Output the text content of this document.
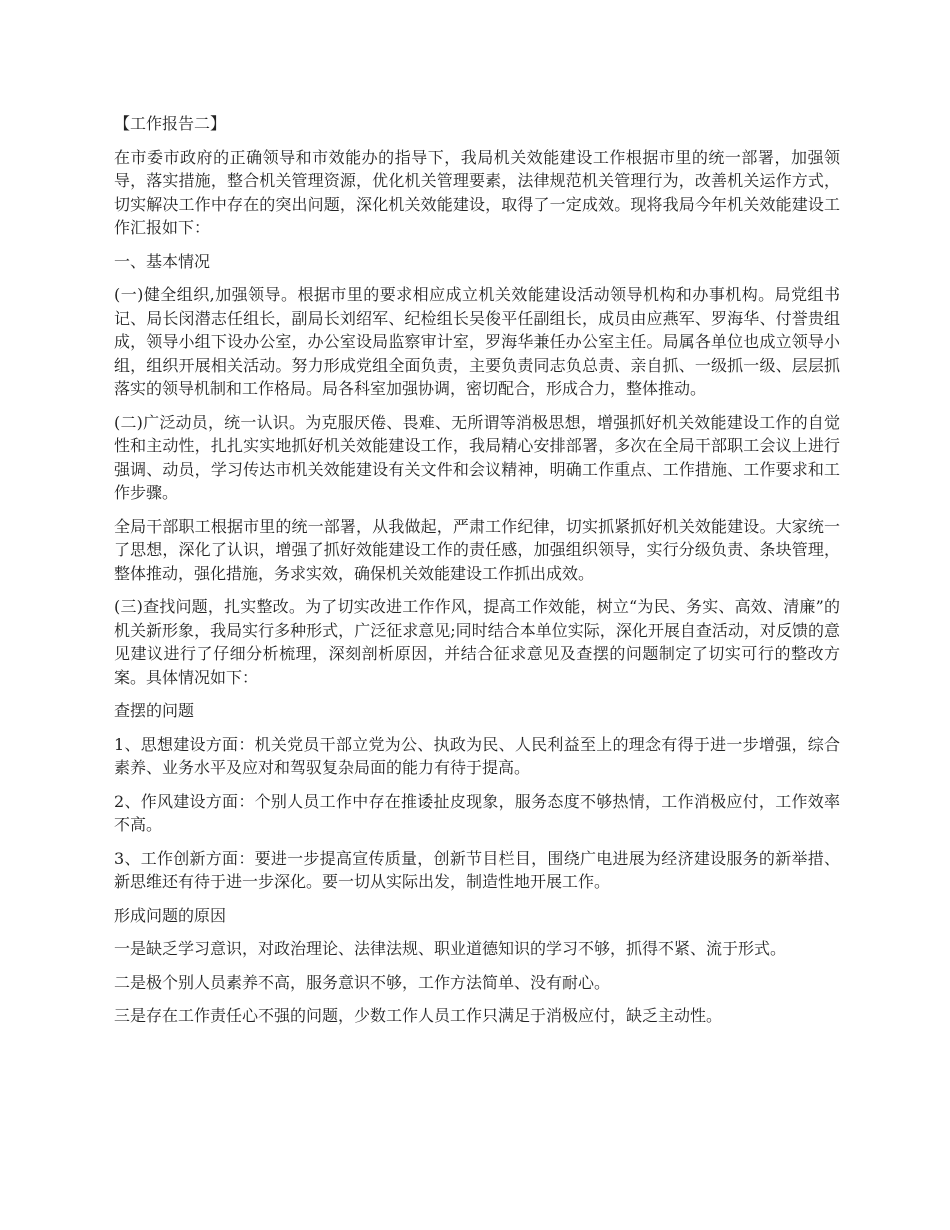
【工作报告二】

在市委市政府的正确领导和市效能办的指导下，我局机关效能建设工作根据市里的统一部署，加强领导，落实措施，整合机关管理资源，优化机关管理要素，法律规范机关管理行为，改善机关运作方式，切实解决工作中存在的突出问题，深化机关效能建设，取得了一定成效。现将我局今年机关效能建设工作汇报如下：

一、基本情况

(一)健全组织,加强领导。根据市里的要求相应成立机关效能建设活动领导机构和办事机构。局党组书记、局长闵潜志任组长，副局长刘绍军、纪检组长吴俊平任副组长，成员由应燕军、罗海华、付誉贵组成，领导小组下设办公室，办公室设局监察审计室，罗海华兼任办公室主任。局属各单位也成立领导小组，组织开展相关活动。努力形成党组全面负责，主要负责同志负总责、亲自抓、一级抓一级、层层抓落实的领导机制和工作格局。局各科室加强协调，密切配合，形成合力，整体推动。

(二)广泛动员，统一认识。为克服厌倦、畏难、无所谓等消极思想，增强抓好机关效能建设工作的自觉性和主动性，扎扎实实地抓好机关效能建设工作，我局精心安排部署，多次在全局干部职工会议上进行强调、动员，学习传达市机关效能建设有关文件和会议精神，明确工作重点、工作措施、工作要求和工作步骤。

全局干部职工根据市里的统一部署，从我做起，严肃工作纪律，切实抓紧抓好机关效能建设。大家统一了思想，深化了认识，增强了抓好效能建设工作的责任感，加强组织领导，实行分级负责、条块管理，整体推动，强化措施，务求实效，确保机关效能建设工作抓出成效。

(三)查找问题，扎实整改。为了切实改进工作作风，提高工作效能，树立“为民、务实、高效、清廉”的机关新形象，我局实行多种形式，广泛征求意见;同时结合本单位实际，深化开展自查活动，对反馈的意见建议进行了仔细分析梳理，深刻剖析原因，并结合征求意见及查摆的问题制定了切实可行的整改方案。具体情况如下：

查摆的问题

1、思想建设方面：机关党员干部立党为公、执政为民、人民利益至上的理念有得于进一步增强，综合素养、业务水平及应对和驾驭复杂局面的能力有待于提高。

2、作风建设方面：个别人员工作中存在推诿扯皮现象，服务态度不够热情，工作消极应付，工作效率不高。

3、工作创新方面：要进一步提高宣传质量，创新节目栏目，围绕广电进展为经济建设服务的新举措、新思维还有待于进一步深化。要一切从实际出发，制造性地开展工作。

形成问题的原因

一是缺乏学习意识，对政治理论、法律法规、职业道德知识的学习不够，抓得不紧、流于形式。

二是极个别人员素养不高，服务意识不够，工作方法简单、没有耐心。

三是存在工作责任心不强的问题，少数工作人员工作只满足于消极应付，缺乏主动性。
